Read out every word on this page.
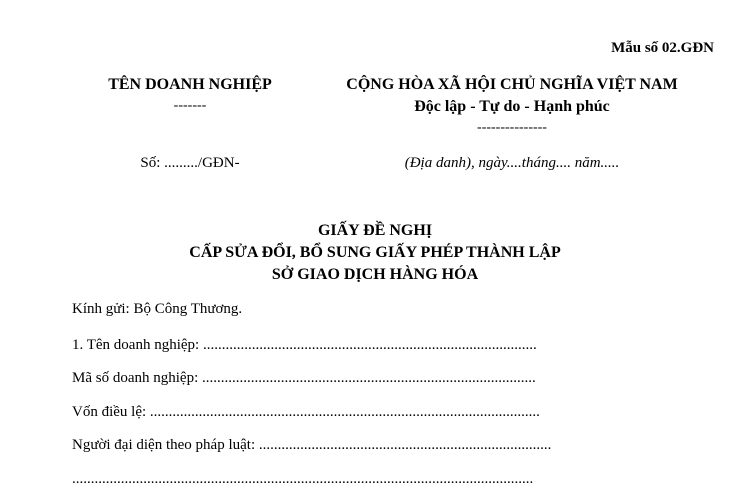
Mẫu số 02.GĐN
TÊN DOANH NGHIỆP
-------
CỘNG HÒA XÃ HỘI CHỦ NGHĨA VIỆT NAM
Độc lập - Tự do - Hạnh phúc
---------------
Số: ........./GĐN-	(Địa danh), ngày....tháng.... năm.....
GIẤY ĐỀ NGHỊ
CẤP SỬA ĐỔI, BỔ SUNG GIẤY PHÉP THÀNH LẬP
SỞ GIAO DỊCH HÀNG HÓA
Kính gửi: Bộ Công Thương.
1. Tên doanh nghiệp: .........................................................................................
Mã số doanh nghiệp: .........................................................................................
Vốn điều lệ: ........................................................................................................
Người đại diện theo pháp luật: ..............................................................................
...........................................................................................................................
